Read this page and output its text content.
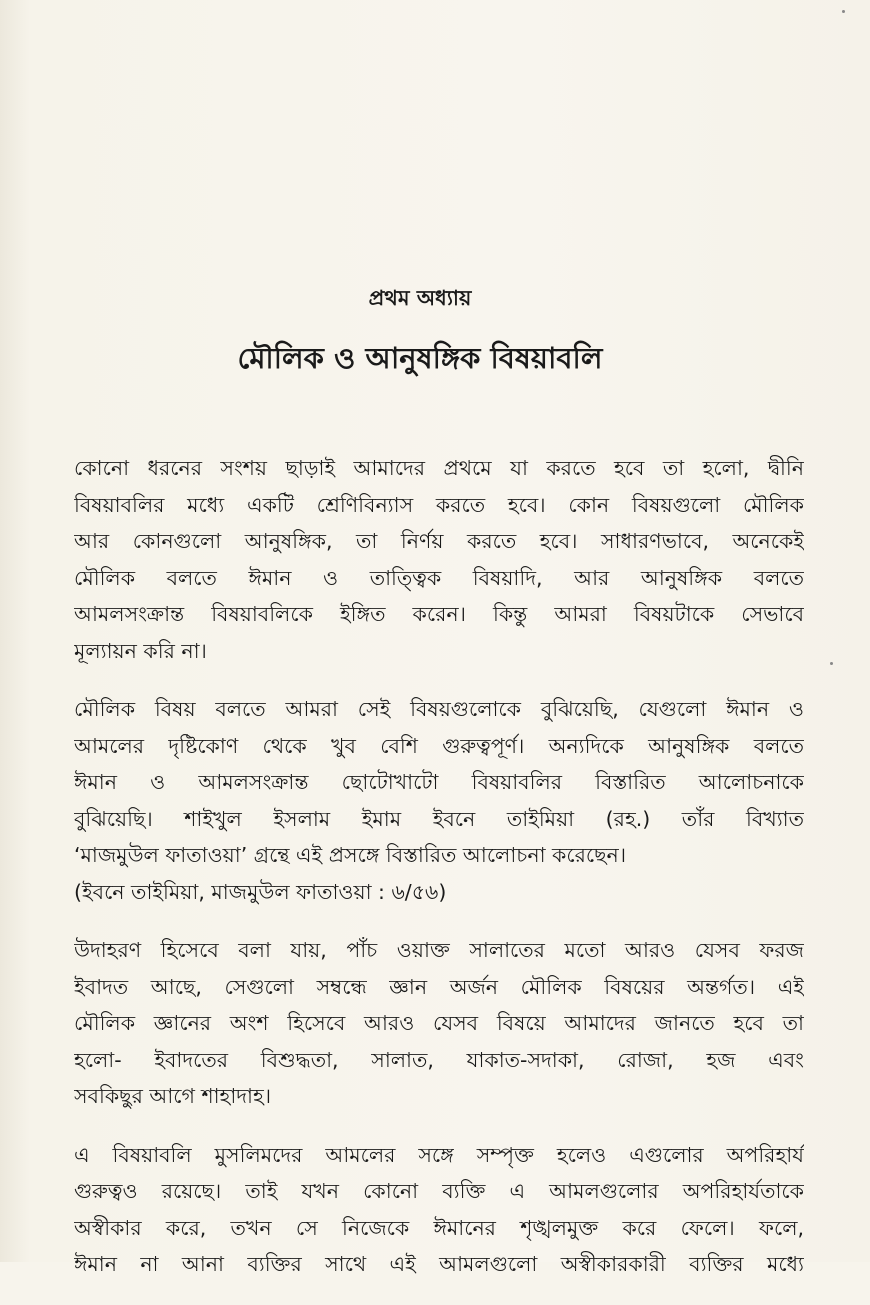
প্রথম অধ্যায়
মৌলিক ও আনুষঙ্গিক বিষয়াবলি
কোনো ধরনের সংশয় ছাড়াই আমাদের প্রথমে যা করতে হবে তা হলো, দ্বীনি
বিষয়াবলির মধ্যে একটি শ্রেণিবিন্যাস করতে হবে। কোন বিষয়গুলো মৌলিক
আর কোনগুলো আনুষঙ্গিক, তা নির্ণয় করতে হবে। সাধারণভাবে, অনেকেই
মৌলিক বলতে ঈমান ও তাত্ত্বিক বিষয়াদি, আর আনুষঙ্গিক বলতে
আমলসংক্রান্ত বিষয়াবলিকে ইঙ্গিত করেন। কিন্তু আমরা বিষয়টাকে সেভাবে
মূল্যায়ন করি না।
মৌলিক বিষয় বলতে আমরা সেই বিষয়গুলোকে বুঝিয়েছি, যেগুলো ঈমান ও
আমলের দৃষ্টিকোণ থেকে খুব বেশি গুরুত্বপূর্ণ। অন্যদিকে আনুষঙ্গিক বলতে
ঈমান ও আমলসংক্রান্ত ছোটোখাটো বিষয়াবলির বিস্তারিত আলোচনাকে
বুঝিয়েছি। শাইখুল ইসলাম ইমাম ইবনে তাইমিয়া (রহ.) তাঁর বিখ্যাত
‘মাজমুউল ফাতাওয়া’ গ্রন্থে এই প্রসঙ্গে বিস্তারিত আলোচনা করেছেন।
(ইবনে তাইমিয়া, মাজমুউল ফাতাওয়া : ৬/৫৬)
উদাহরণ হিসেবে বলা যায়, পাঁচ ওয়াক্ত সালাতের মতো আরও যেসব ফরজ
ইবাদত আছে, সেগুলো সম্বন্ধে জ্ঞান অর্জন মৌলিক বিষয়ের অন্তর্গত। এই
মৌলিক জ্ঞানের অংশ হিসেবে আরও যেসব বিষয়ে আমাদের জানতে হবে তা
হলো- ইবাদতের বিশুদ্ধতা, সালাত, যাকাত-সদাকা, রোজা, হজ এবং
সবকিছুর আগে শাহাদাহ।
এ বিষয়াবলি মুসলিমদের আমলের সঙ্গে সম্পৃক্ত হলেও এগুলোর অপরিহার্য
গুরুত্বও রয়েছে। তাই যখন কোনো ব্যক্তি এ আমলগুলোর অপরিহার্যতাকে
অস্বীকার করে, তখন সে নিজেকে ঈমানের শৃঙ্খলমুক্ত করে ফেলে। ফলে,
ঈমান না আনা ব্যক্তির সাথে এই আমলগুলো অস্বীকারকারী ব্যক্তির মধ্যে
